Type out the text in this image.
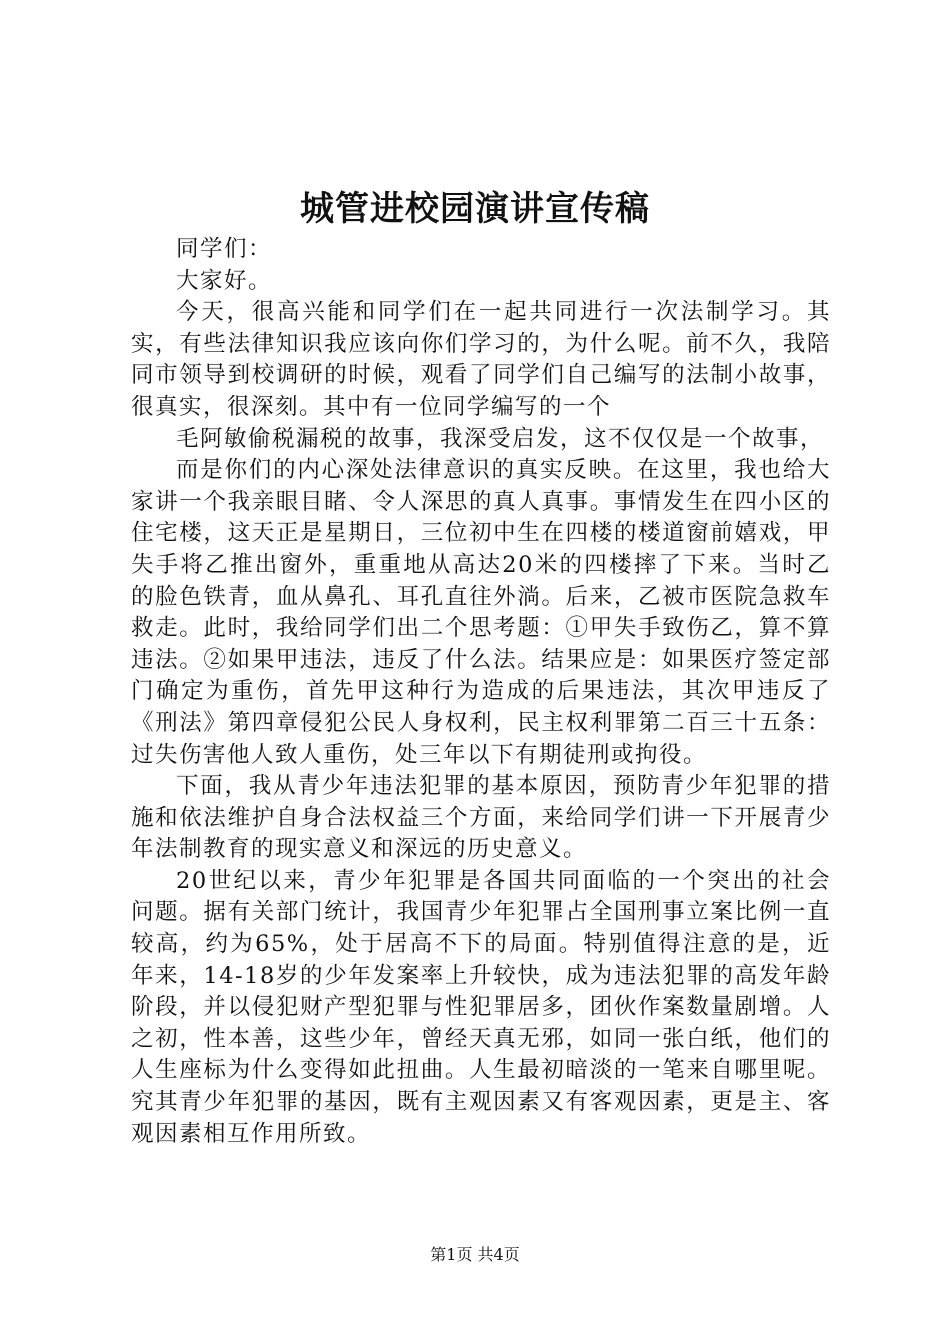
城管进校园演讲宣传稿

同学们：

大家好。

今天，很高兴能和同学们在一起共同进行一次法制学习。其实，有些法律知识我应该向你们学习的，为什么呢。前不久，我陪同市领导到校调研的时候，观看了同学们自己编写的法制小故事，很真实，很深刻。其中有一位同学编写的一个

毛阿敏偷税漏税的故事，我深受启发，这不仅仅是一个故事，

而是你们的内心深处法律意识的真实反映。在这里，我也给大家讲一个我亲眼目睹、令人深思的真人真事。事情发生在四小区的住宅楼，这天正是星期日，三位初中生在四楼的楼道窗前嬉戏，甲失手将乙推出窗外，重重地从高达20米的四楼摔了下来。当时乙的脸色铁青，血从鼻孔、耳孔直往外淌。后来，乙被市医院急救车救走。此时，我给同学们出二个思考题：①甲失手致伤乙，算不算违法。②如果甲违法，违反了什么法。结果应是：如果医疗签定部门确定为重伤，首先甲这种行为造成的后果违法，其次甲违反了《刑法》第四章侵犯公民人身权利，民主权利罪第二百三十五条：过失伤害他人致人重伤，处三年以下有期徒刑或拘役。

下面，我从青少年违法犯罪的基本原因，预防青少年犯罪的措施和依法维护自身合法权益三个方面，来给同学们讲一下开展青少年法制教育的现实意义和深远的历史意义。

20世纪以来，青少年犯罪是各国共同面临的一个突出的社会问题。据有关部门统计，我国青少年犯罪占全国刑事立案比例一直较高，约为65%，处于居高不下的局面。特别值得注意的是，近年来，14-18岁的少年发案率上升较快，成为违法犯罪的高发年龄阶段，并以侵犯财产型犯罪与性犯罪居多，团伙作案数量剧增。人之初，性本善，这些少年，曾经天真无邪，如同一张白纸，他们的人生座标为什么变得如此扭曲。人生最初暗淡的一笔来自哪里呢。究其青少年犯罪的基因，既有主观因素又有客观因素，更是主、客观因素相互作用所致。

第1页 共4页
